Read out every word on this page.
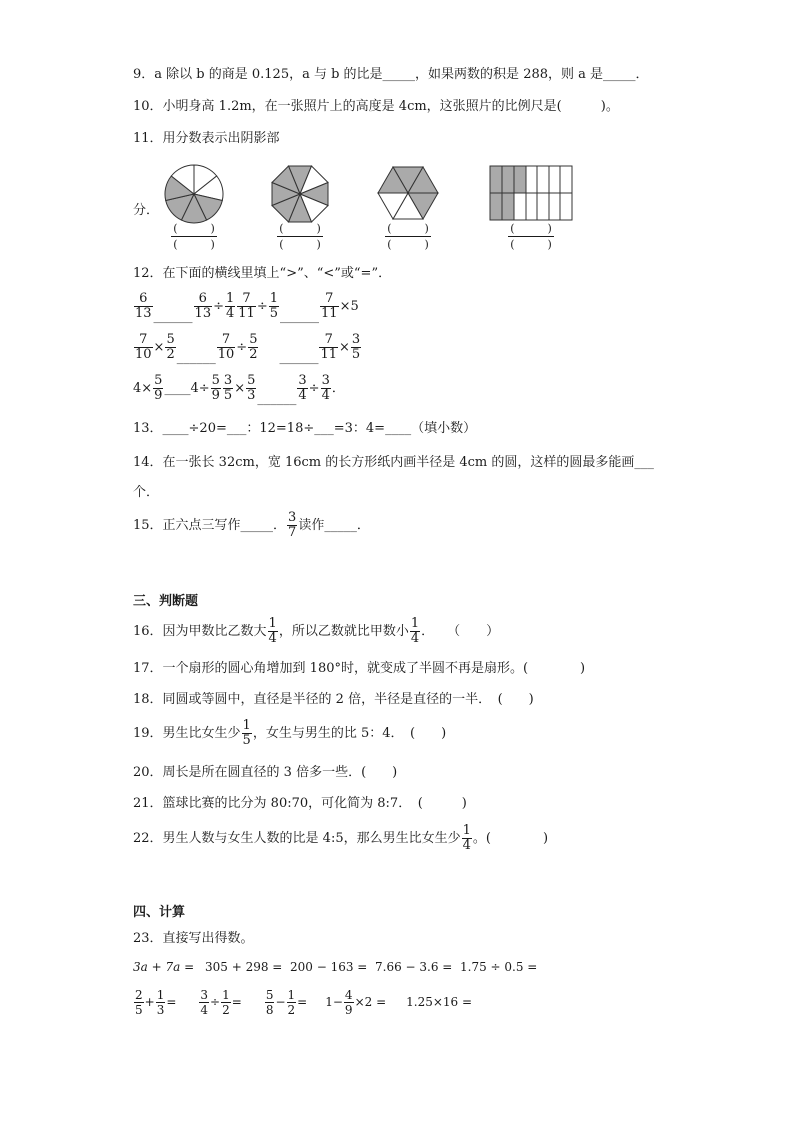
9．a 除以 b 的商是 0.125，a 与 b 的比是_____，如果两数的积是 288，则 a 是_____．
10．小明身高 1.2m，在一张照片上的高度是 4cm，这张照片的比例尺是(　　　)。
11．用分数表示出阴影部
分．
(　　　)
(　　　)
(　　　)
(　　　)
(　　　)
(　　　)
(　　　)
(　　　)
12．在下面的横线里填上“>”、“<”或“=”．
$\frac{6}{13}$ ______ $\frac{6}{13} \div \frac{1}{4} \frac{7}{11} \div \frac{1}{5}$ ______ $\frac{7}{11} \times 5$
$\frac{7}{10} \times \frac{5}{2}$ ______ $\frac{7}{10} \div \frac{5}{2}$ ______ $\frac{7}{11} \times \frac{3}{5}$
$4\times \frac{5}{9}$ ____4÷ $\frac{5}{9} \frac{3}{5} \times \frac{5}{3}$ ______ $\frac{3}{4} \div \frac{3}{4}$ ．
13．____÷20=___：12=18÷___=3：4=____（填小数）
14．在一张长 32cm，宽 16cm 的长方形纸内画半径是 4cm 的圆，这样的圆最多能画___
个．
15．正六点三写作_____． $\frac{3}{7}$ 读作_____．
三、判断题
16．因为甲数比乙数大 $\frac{1}{4}$ ，所以乙数就比甲数小 $\frac{1}{4}$ ．　　（　　）
17．一个扇形的圆心角增加到 180°时，就变成了半圆不再是扇形。(　　　　)
18．同圆或等圆中，直径是半径的 2 倍，半径是直径的一半．　(　　)
19．男生比女生少 $\frac{1}{5}$ ，女生与男生的比 5：4．　(　　)
20．周长是所在圆直径的 3 倍多一些．(　　)
21．篮球比赛的比分为 80:70，可化简为 8:7．　(　　　)
22．男生人数与女生人数的比是 4:5，那么男生比女生少 $\frac{1}{4}$ 。(　　　　)
四、计算
23．直接写出得数。
3a + 7a = 305 + 298 = 200 − 163 = 7.66 − 3.6 = 1.75 ÷ 0.5 =
$\frac{2}{5} + \frac{1}{3} = \frac{3}{4} \div \frac{1}{2} = \frac{5}{8} - \frac{1}{2} = 1- \frac{4}{9} \times 2 = 1.25\times 16$ =
